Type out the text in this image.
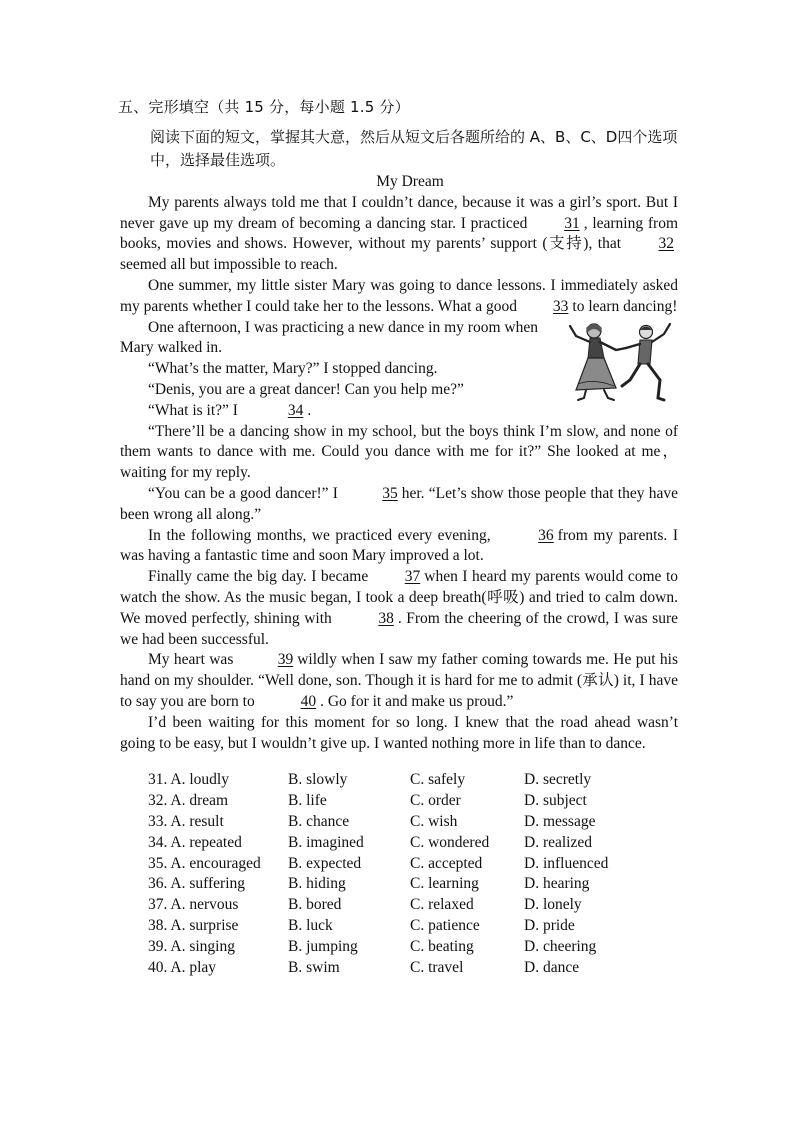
五、完形填空（共 15 分，每小题 1.5 分）
阅读下面的短文，掌握其大意，然后从短文后各题所给的 A、B、C、D四个选项中，选择最佳选项。
My Dream

My parents always told me that I couldn’t dance, because it was a girl’s sport. But I never gave up my dream of becoming a dancing star. I practiced 31 , learning from books, movies and shows. However, without my parents’ support (支持), that 32seemed all but impossible to reach.

One summer, my little sister Mary was going to dance lessons. I immediately asked my parents whether I could take her to the lessons. What a good 33 to learn dancing!

One afternoon, I was practicing a new dance in my room when Mary walked in.

“What’s the matter, Mary?” I stopped dancing.

“Denis, you are a great dancer! Can you help me?”

“What is it?” I	34 .

“There’ll be a dancing show in my school, but the boys think I’m slow, and none of them wants to dance with me. Could you dance with me for it?” She looked at me，waiting for my reply.

“You can be a good dancer!” I	35 her. “Let’s show those people that they have been wrong all along.”

In the following months, we practiced every evening,	36 from my parents. I was having a fantastic time and soon Mary improved a lot.

Finally came the big day. I became 37 when I heard my parents would come to watch the show. As the music began, I took a deep breath(呼吸) and tried to calm down. We moved perfectly, shining with	38 . From the cheering of the crowd, I was sure we had been successful.

My heart was	39 wildly when I saw my father coming towards me. He put his hand on my shoulder. “Well done, son. Though it is hard for me to admit (承认) it, I have to say you are born to	40 . Go for it and make us proud.”

I’d been waiting for this moment for so long. I knew that the road ahead wasn’t going to be easy, but I wouldn’t give up. I wanted nothing more in life than to dance.

31. A. loudly	B. slowly	C. safely	D. secretly
32. A. dream	B. life	C. order	D. subject
33. A. result	B. chance	C. wish	D. message
34. A. repeated	B. imagined	C. wondered D. realized
35. A. encouraged B. expected	C. accepted	D. influenced
36. A. suffering	B. hiding	C. learning	D. hearing
37. A. nervous	B. bored	C. relaxed	D. lonely
38. A. surprise	B. luck	C. patience	D. pride
39. A. singing	B. jumping	C. beating	D. cheering
40. A. play	B. swim	C. travel	D. dance
